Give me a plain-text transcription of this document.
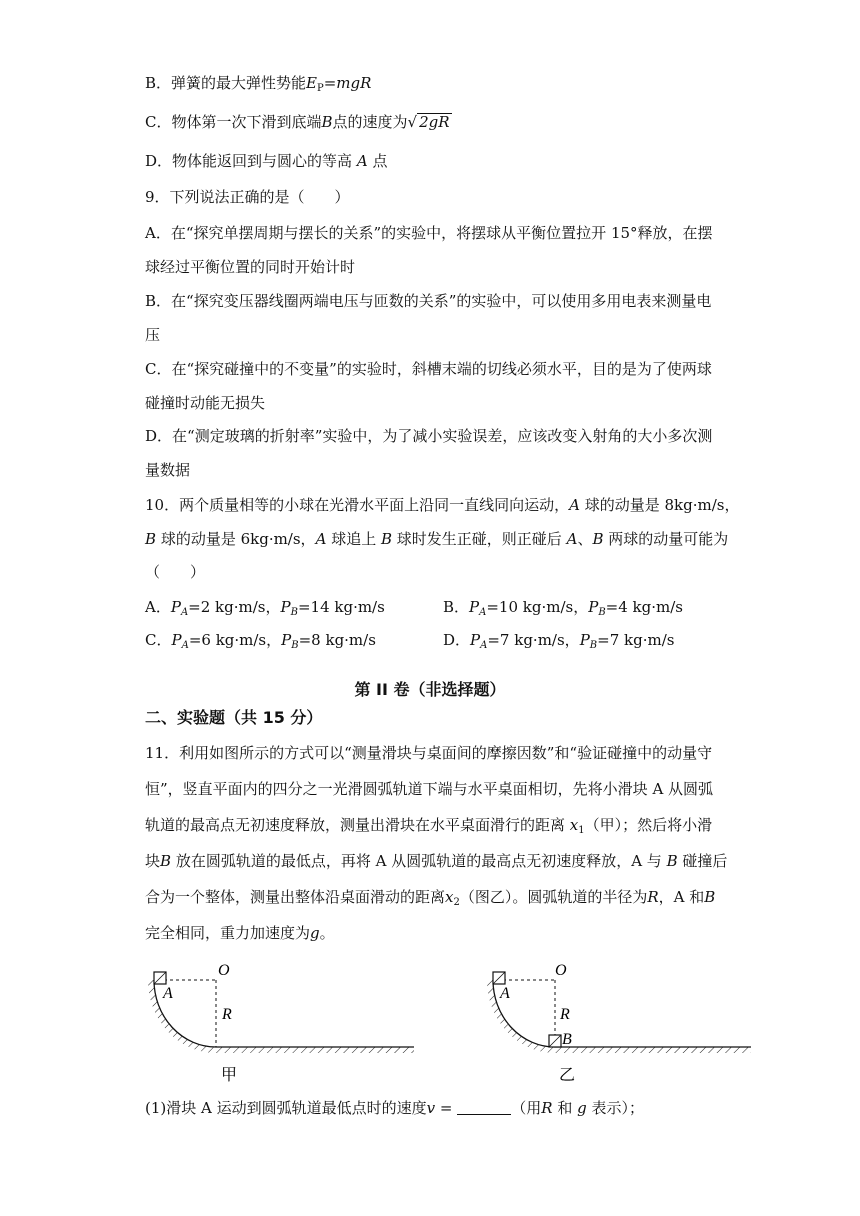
B．弹簧的最大弹性势能$E_P=mgR$
C．物体第一次下滑到底端B点的速度为√ 2gR
D．物体能返回到与圆心的等高 A 点
9．下列说法正确的是（　　）
A．在“探究单摆周期与摆长的关系”的实验中，将摆球从平衡位置拉开 15°释放，在摆
球经过平衡位置的同时开始计时
B．在“探究变压器线圈两端电压与匝数的关系”的实验中，可以使用多用电表来测量电
压
C．在“探究碰撞中的不变量”的实验时，斜槽末端的切线必须水平，目的是为了使两球
碰撞时动能无损失
D．在“测定玻璃的折射率”实验中，为了减小实验误差，应该改变入射角的大小多次测
量数据
10．两个质量相等的小球在光滑水平面上沿同一直线同向运动，A 球的动量是 8kg·m/s，
B 球的动量是 6kg·m/s，A 球追上 B 球时发生正碰，则正碰后 A、B 两球的动量可能为
（　　）
A．$P_A=2$ kg·m/s，$P_B=14$ kg·m/s	B．$P_A=10$ kg·m/s，$P_B=4$ kg·m/s
C．$P_A=6$ kg·m/s，$P_B=8$ kg·m/s	D．$P_A=7$ kg·m/s，$P_B=7$ kg·m/s
第 II 卷（非选择题）
二、实验题（共 15 分）
11．利用如图所示的方式可以“测量滑块与桌面间的摩擦因数”和“验证碰撞中的动量守
恒”，竖直平面内的四分之一光滑圆弧轨道下端与水平桌面相切，先将小滑块 A 从圆弧
轨道的最高点无初速度释放，测量出滑块在水平桌面滑行的距离 $x_1$（甲）；然后将小滑
块B 放在圆弧轨道的最低点，再将 A 从圆弧轨道的最高点无初速度释放，A 与 B 碰撞后
合为一个整体，测量出整体沿桌面滑动的距离$x_2$（图乙）。圆弧轨道的半径为R，A 和B
完全相同，重力加速度为g。
O
A
R
甲
O
A
R
B
乙
(1)滑块 A 运动到圆弧轨道最低点时的速度v =	（用R 和 g 表示）；
